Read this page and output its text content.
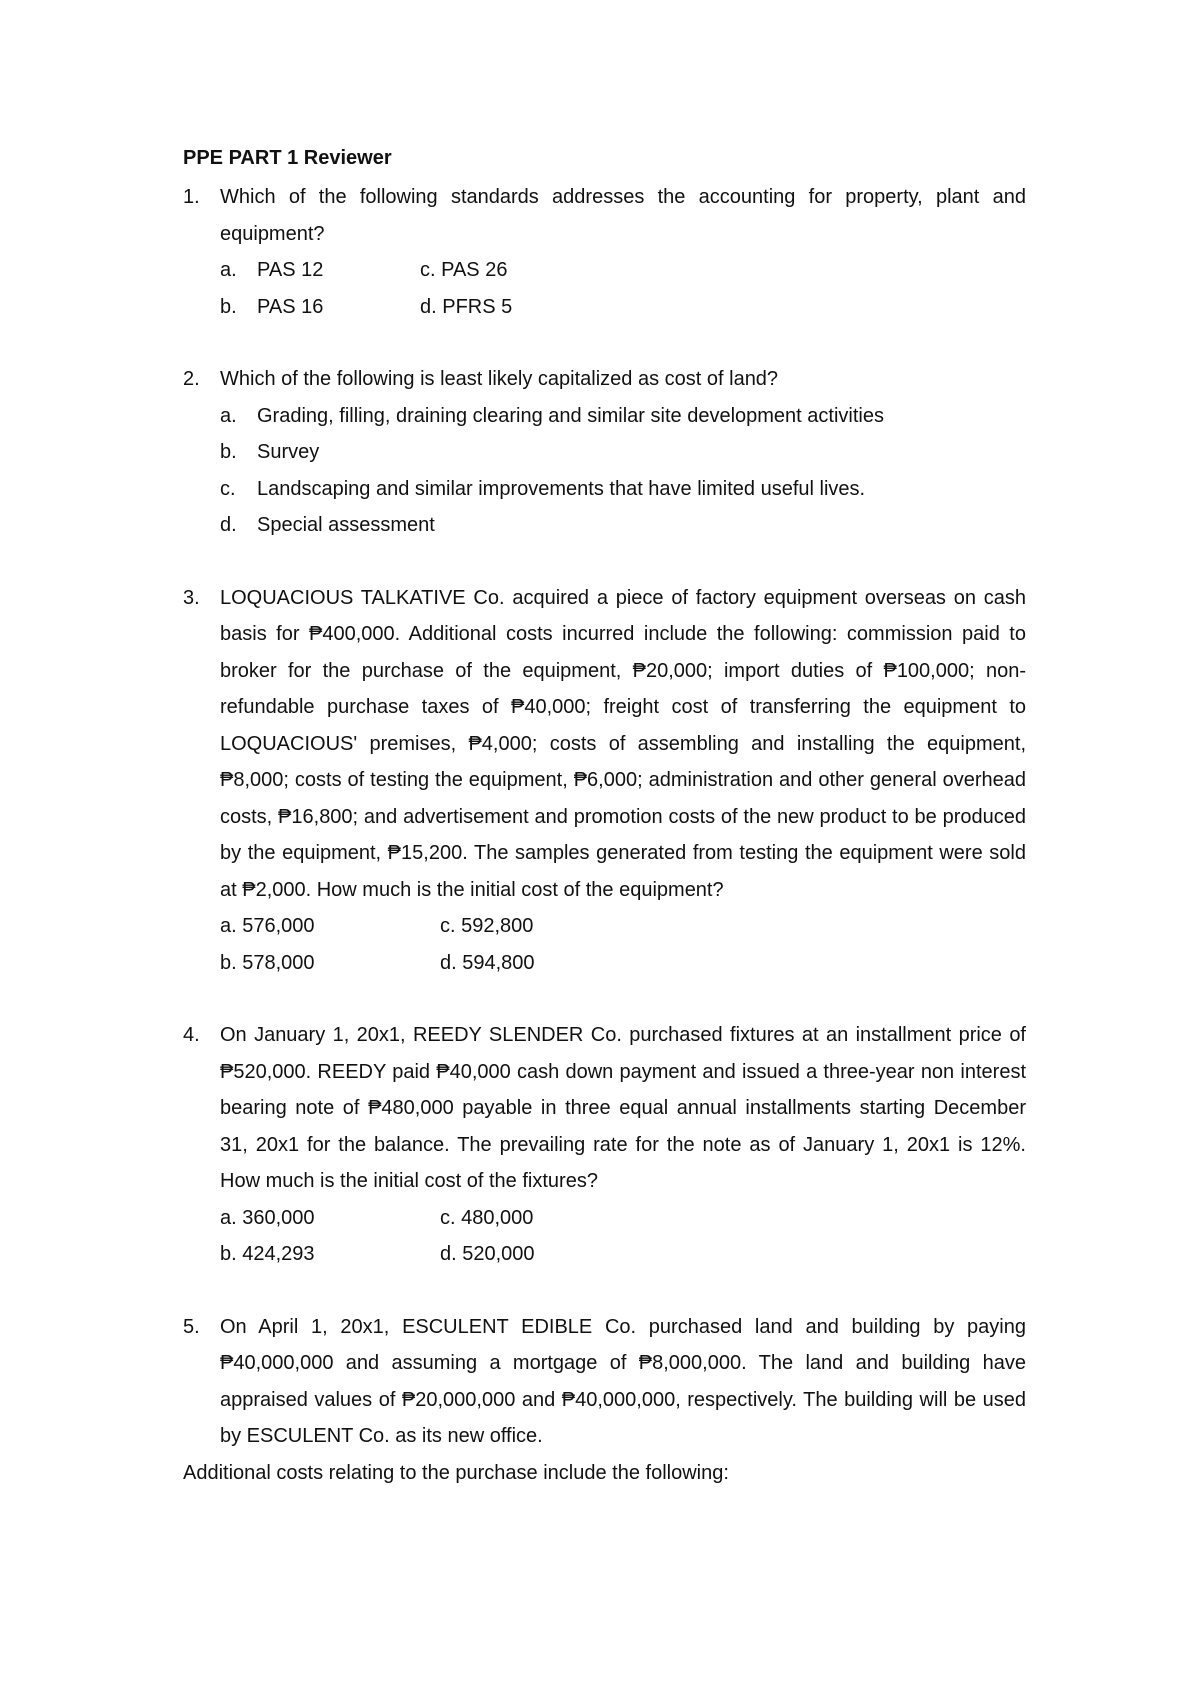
PPE PART 1 Reviewer
1. Which of the following standards addresses the accounting for property, plant and equipment?
a. PAS 12	c. PAS 26
b. PAS 16	d. PFRS 5
2. Which of the following is least likely capitalized as cost of land?
a. Grading, filling, draining clearing and similar site development activities
b. Survey
c. Landscaping and similar improvements that have limited useful lives.
d. Special assessment
3. LOQUACIOUS TALKATIVE Co. acquired a piece of factory equipment overseas on cash basis for ₱400,000. Additional costs incurred include the following: commission paid to broker for the purchase of the equipment, ₱20,000; import duties of ₱100,000; non-refundable purchase taxes of ₱40,000; freight cost of transferring the equipment to LOQUACIOUS' premises, ₱4,000; costs of assembling and installing the equipment, ₱8,000; costs of testing the equipment, ₱6,000; administration and other general overhead costs, ₱16,800; and advertisement and promotion costs of the new product to be produced by the equipment, ₱15,200. The samples generated from testing the equipment were sold at ₱2,000. How much is the initial cost of the equipment?
a. 576,000	c. 592,800
b. 578,000	d. 594,800
4. On January 1, 20x1, REEDY SLENDER Co. purchased fixtures at an installment price of ₱520,000. REEDY paid ₱40,000 cash down payment and issued a three-year non interest bearing note of ₱480,000 payable in three equal annual installments starting December 31, 20x1 for the balance. The prevailing rate for the note as of January 1, 20x1 is 12%. How much is the initial cost of the fixtures?
a. 360,000	c. 480,000
b. 424,293	d. 520,000
5. On April 1, 20x1, ESCULENT EDIBLE Co. purchased land and building by paying ₱40,000,000 and assuming a mortgage of ₱8,000,000. The land and building have appraised values of ₱20,000,000 and ₱40,000,000, respectively. The building will be used by ESCULENT Co. as its new office.
Additional costs relating to the purchase include the following:
